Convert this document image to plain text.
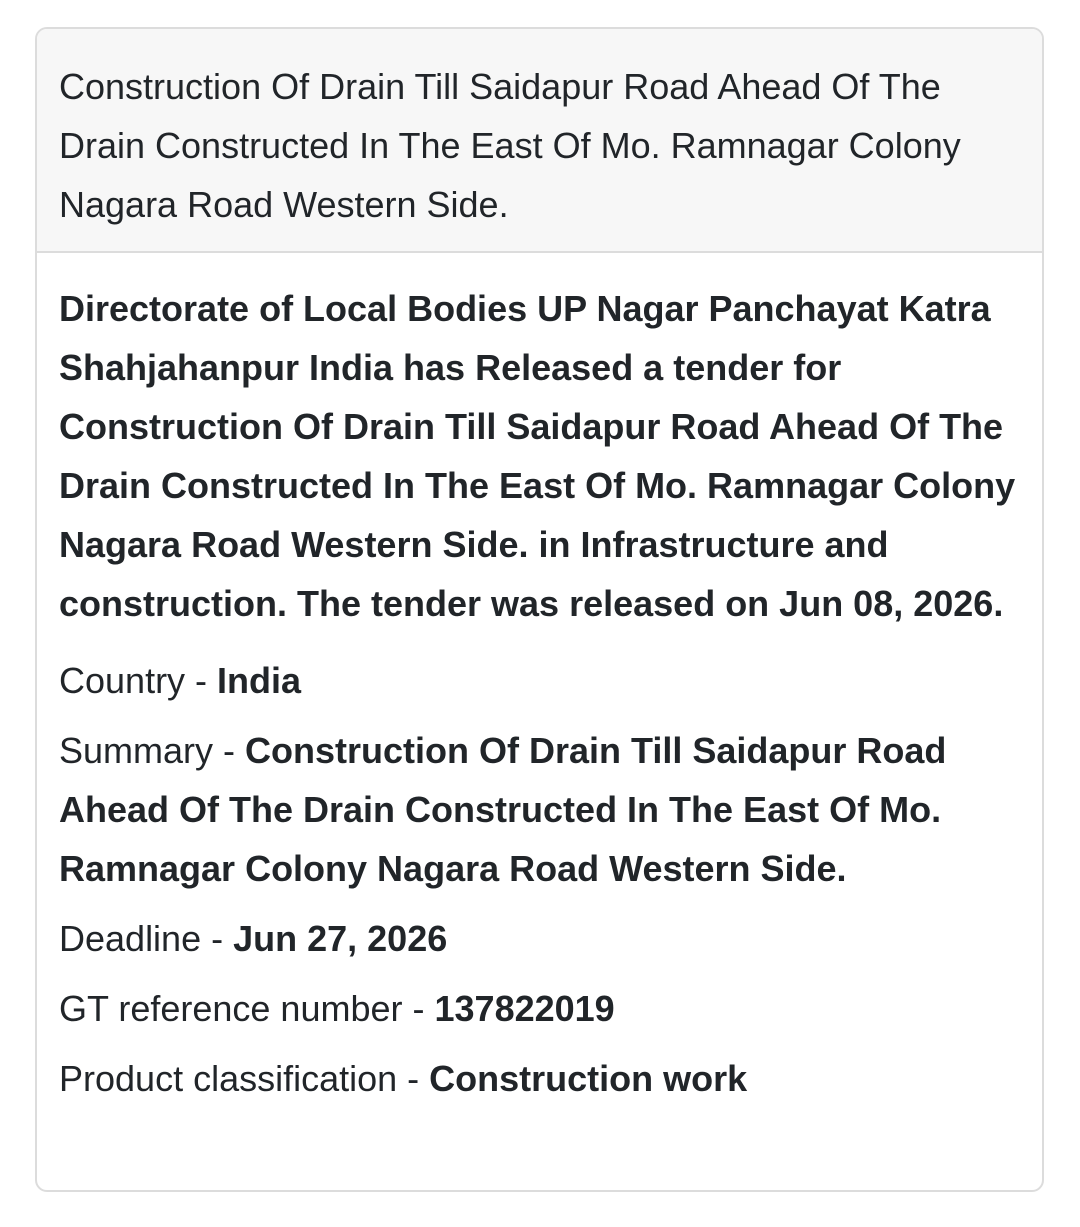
Construction Of Drain Till Saidapur Road Ahead Of The Drain Constructed In The East Of Mo. Ramnagar Colony Nagara Road Western Side.

Directorate of Local Bodies UP Nagar Panchayat Katra Shahjahanpur India has Released a tender for Construction Of Drain Till Saidapur Road Ahead Of The Drain Constructed In The East Of Mo. Ramnagar Colony Nagara Road Western Side. in Infrastructure and construction. The tender was released on Jun 08, 2026.

Country - India
Summary - Construction Of Drain Till Saidapur Road Ahead Of The Drain Constructed In The East Of Mo. Ramnagar Colony Nagara Road Western Side.
Deadline - Jun 27, 2026
GT reference number - 137822019
Product classification - Construction work
